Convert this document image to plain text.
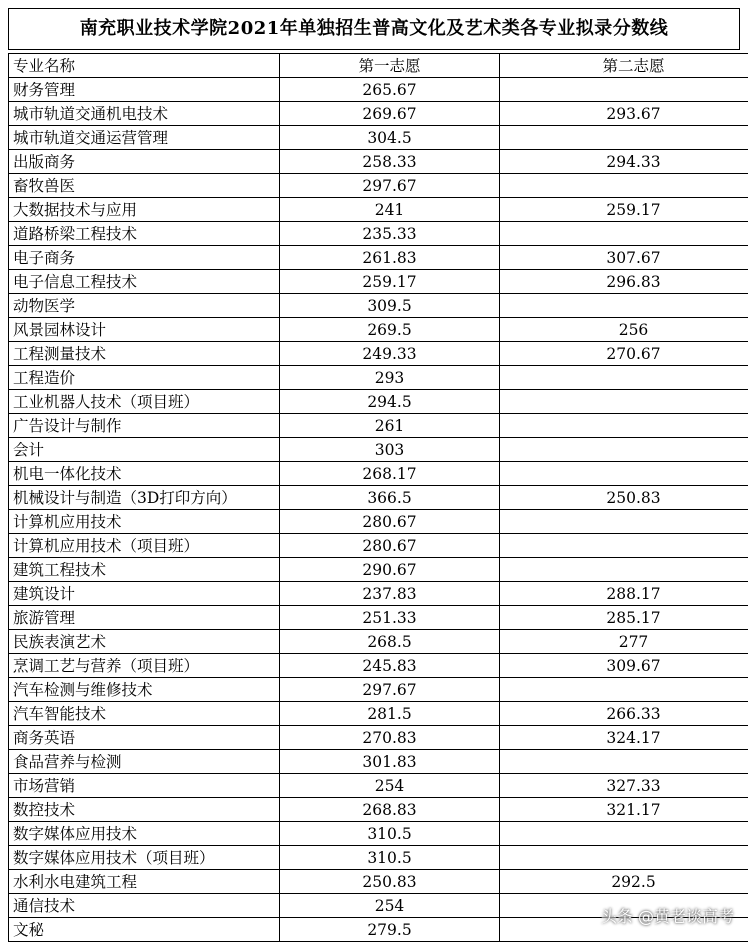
南充职业技术学院2021年单独招生普高文化及艺术类各专业拟录分数线
专业名称	第一志愿	第二志愿
财务管理	265.67	
城市轨道交通机电技术	269.67	293.67
城市轨道交通运营管理	304.5	
出版商务	258.33	294.33
畜牧兽医	297.67	
大数据技术与应用	241	259.17
道路桥梁工程技术	235.33	
电子商务	261.83	307.67
电子信息工程技术	259.17	296.83
动物医学	309.5	
风景园林设计	269.5	256
工程测量技术	249.33	270.67
工程造价	293	
工业机器人技术（项目班）	294.5	
广告设计与制作	261	
会计	303	
机电一体化技术	268.17	
机械设计与制造（3D打印方向）	366.5	250.83
计算机应用技术	280.67	
计算机应用技术（项目班）	280.67	
建筑工程技术	290.67	
建筑设计	237.83	288.17
旅游管理	251.33	285.17
民族表演艺术	268.5	277
烹调工艺与营养（项目班）	245.83	309.67
汽车检测与维修技术	297.67	
汽车智能技术	281.5	266.33
商务英语	270.83	324.17
食品营养与检测	301.83	
市场营销	254	327.33
数控技术	268.83	321.17
数字媒体应用技术	310.5	
数字媒体应用技术（项目班）	310.5	
水利水电建筑工程	250.83	292.5
通信技术	254	
文秘	279.5	
头条 @黄老谈高考
